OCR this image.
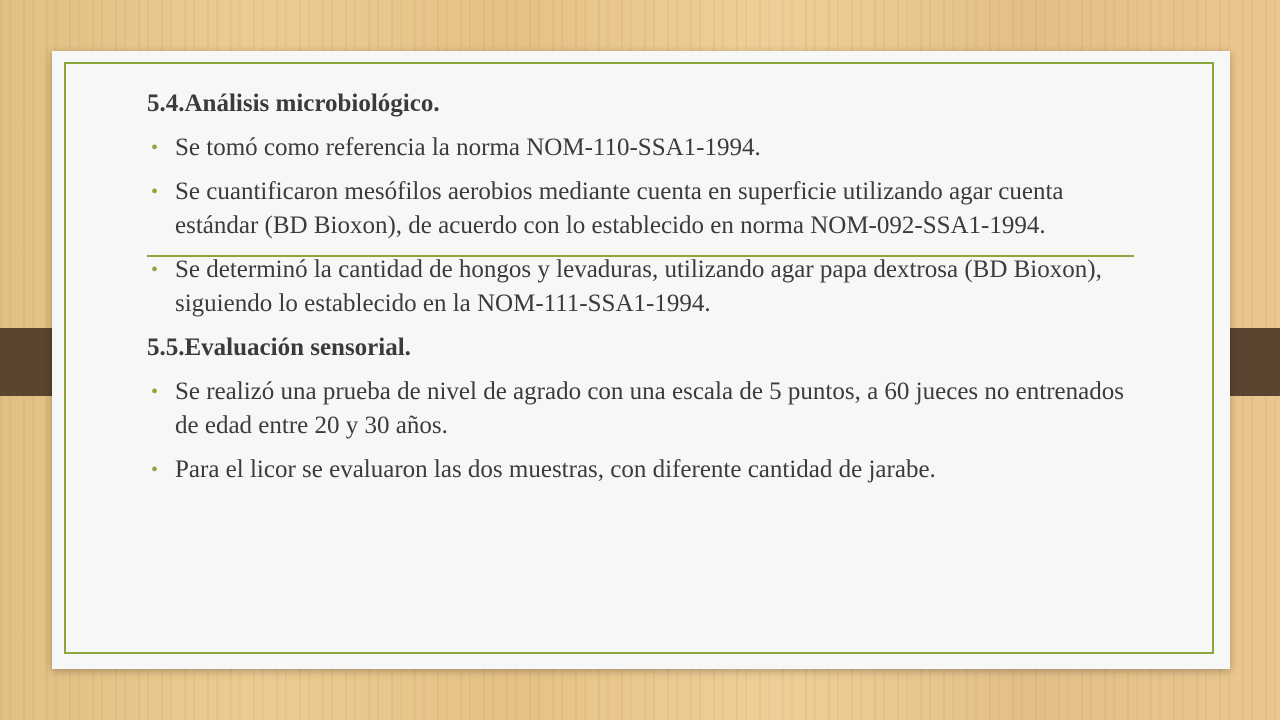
5.4.Análisis microbiológico.

• Se tomó como referencia la norma NOM-110-SSA1-1994.

• Se cuantificaron mesófilos aerobios mediante cuenta en superficie utilizando agar cuenta estándar (BD Bioxon), de acuerdo con lo establecido en norma NOM-092-SSA1-1994.

• Se determinó la cantidad de hongos y levaduras, utilizando agar papa dextrosa (BD Bioxon), siguiendo lo establecido en la NOM-111-SSA1-1994.

5.5.Evaluación sensorial.

• Se realizó una prueba de nivel de agrado con una escala de 5 puntos, a 60 jueces no entrenados de edad entre 20 y 30 años.

• Para el licor se evaluaron las dos muestras, con diferente cantidad de jarabe.
